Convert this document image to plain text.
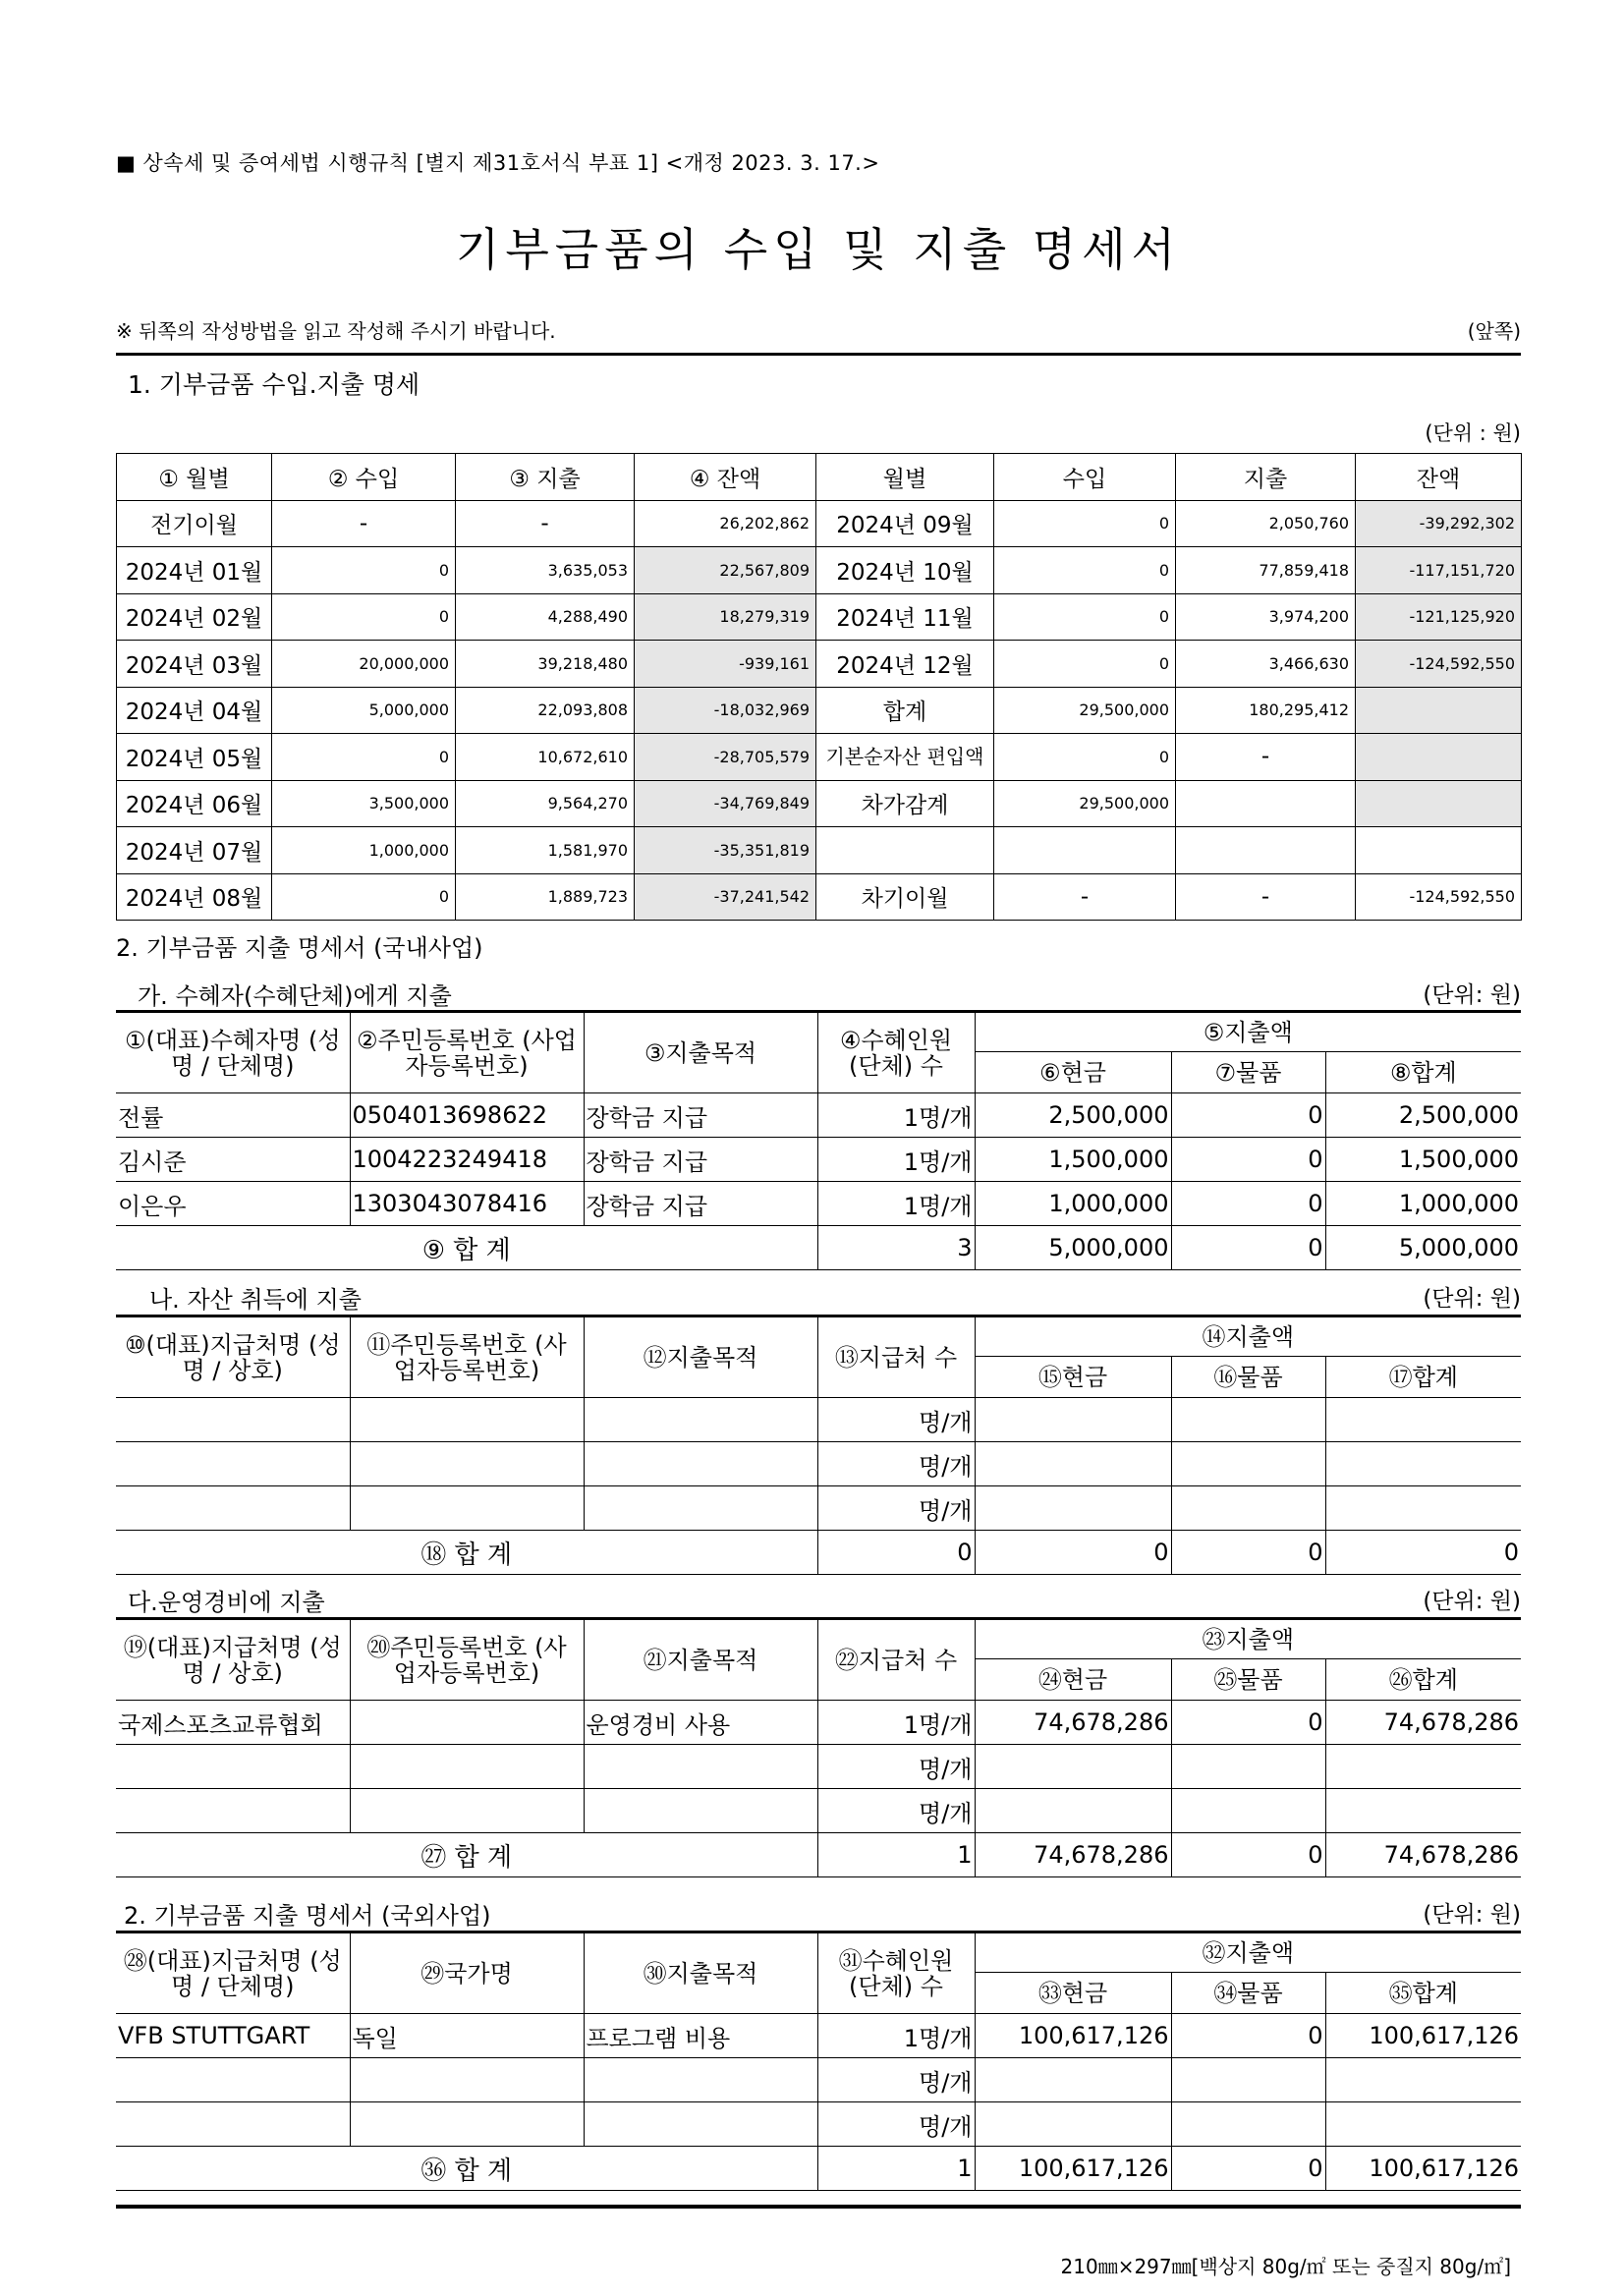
■ 상속세 및 증여세법 시행규칙 [별지 제31호서식 부표 1] <개정 2023. 3. 17.>
기부금품의 수입 및 지출 명세서
※ 뒤쪽의 작성방법을 읽고 작성해 주시기 바랍니다.	(앞쪽)
1. 기부금품 수입.지출 명세
(단위 : 원)
① 월별	② 수입	③ 지출	④ 잔액	월별	수입	지출	잔액
전기이월	-	-	26,202,862	2024년 09월	0	2,050,760	-39,292,302
2024년 01월	0	3,635,053	22,567,809	2024년 10월	0	77,859,418	-117,151,720
2024년 02월	0	4,288,490	18,279,319	2024년 11월	0	3,974,200	-121,125,920
2024년 03월	20,000,000	39,218,480	-939,161	2024년 12월	0	3,466,630	-124,592,550
2024년 04월	5,000,000	22,093,808	-18,032,969	합계	29,500,000	180,295,412	
2024년 05월	0	10,672,610	-28,705,579	기본순자산 편입액	0	-	
2024년 06월	3,500,000	9,564,270	-34,769,849	차가감계	29,500,000		
2024년 07월	1,000,000	1,581,970	-35,351,819				
2024년 08월	0	1,889,723	-37,241,542	차기이월	-	-	-124,592,550
2. 기부금품 지출 명세서 (국내사업)
가. 수혜자(수혜단체)에게 지출	(단위: 원)
①(대표)수혜자명 (성명 / 단체명)	②주민등록번호 (사업자등록번호)	③지출목적	④수혜인원 (단체) 수	⑤지출액		
				⑥현금	⑦물품	⑧합계
전률	0504013698622	장학금 지급	1명/개	2,500,000	0	2,500,000
김시준	1004223249418	장학금 지급	1명/개	1,500,000	0	1,500,000
이은우	1303043078416	장학금 지급	1명/개	1,000,000	0	1,000,000
⑨ 합 계			3	5,000,000	0	5,000,000
나. 자산 취득에 지출	(단위: 원)
⑩(대표)지급처명 (성명 / 상호)	⑪주민등록번호 (사업자등록번호)	⑫지출목적	⑬지급처 수	⑭지출액		
				⑮현금	⑯물품	⑰합계
			명/개			
			명/개			
			명/개			
⑱ 합 계			0	0	0	0
다.운영경비에 지출	(단위: 원)
⑲(대표)지급처명 (성명 / 상호)	⑳주민등록번호 (사업자등록번호)	㉑지출목적	㉒지급처 수	㉓지출액		
				㉔현금	㉕물품	㉖합계
국제스포츠교류협회		운영경비 사용	1명/개	74,678,286	0	74,678,286
			명/개			
			명/개			
㉗ 합 계			1	74,678,286	0	74,678,286
2. 기부금품 지출 명세서 (국외사업)	(단위: 원)
㉘(대표)지급처명 (성명 / 단체명)	㉙국가명	㉚지출목적	㉛수혜인원 (단체) 수	㉜지출액		
				㉝현금	㉞물품	㉟합계
VFB STUTTGART	독일	프로그램 비용	1명/개	100,617,126	0	100,617,126
			명/개			
			명/개			
㊱ 합 계			1	100,617,126	0	100,617,126
210㎜×297㎜[백상지 80g/㎡ 또는 중질지 80g/㎡]
